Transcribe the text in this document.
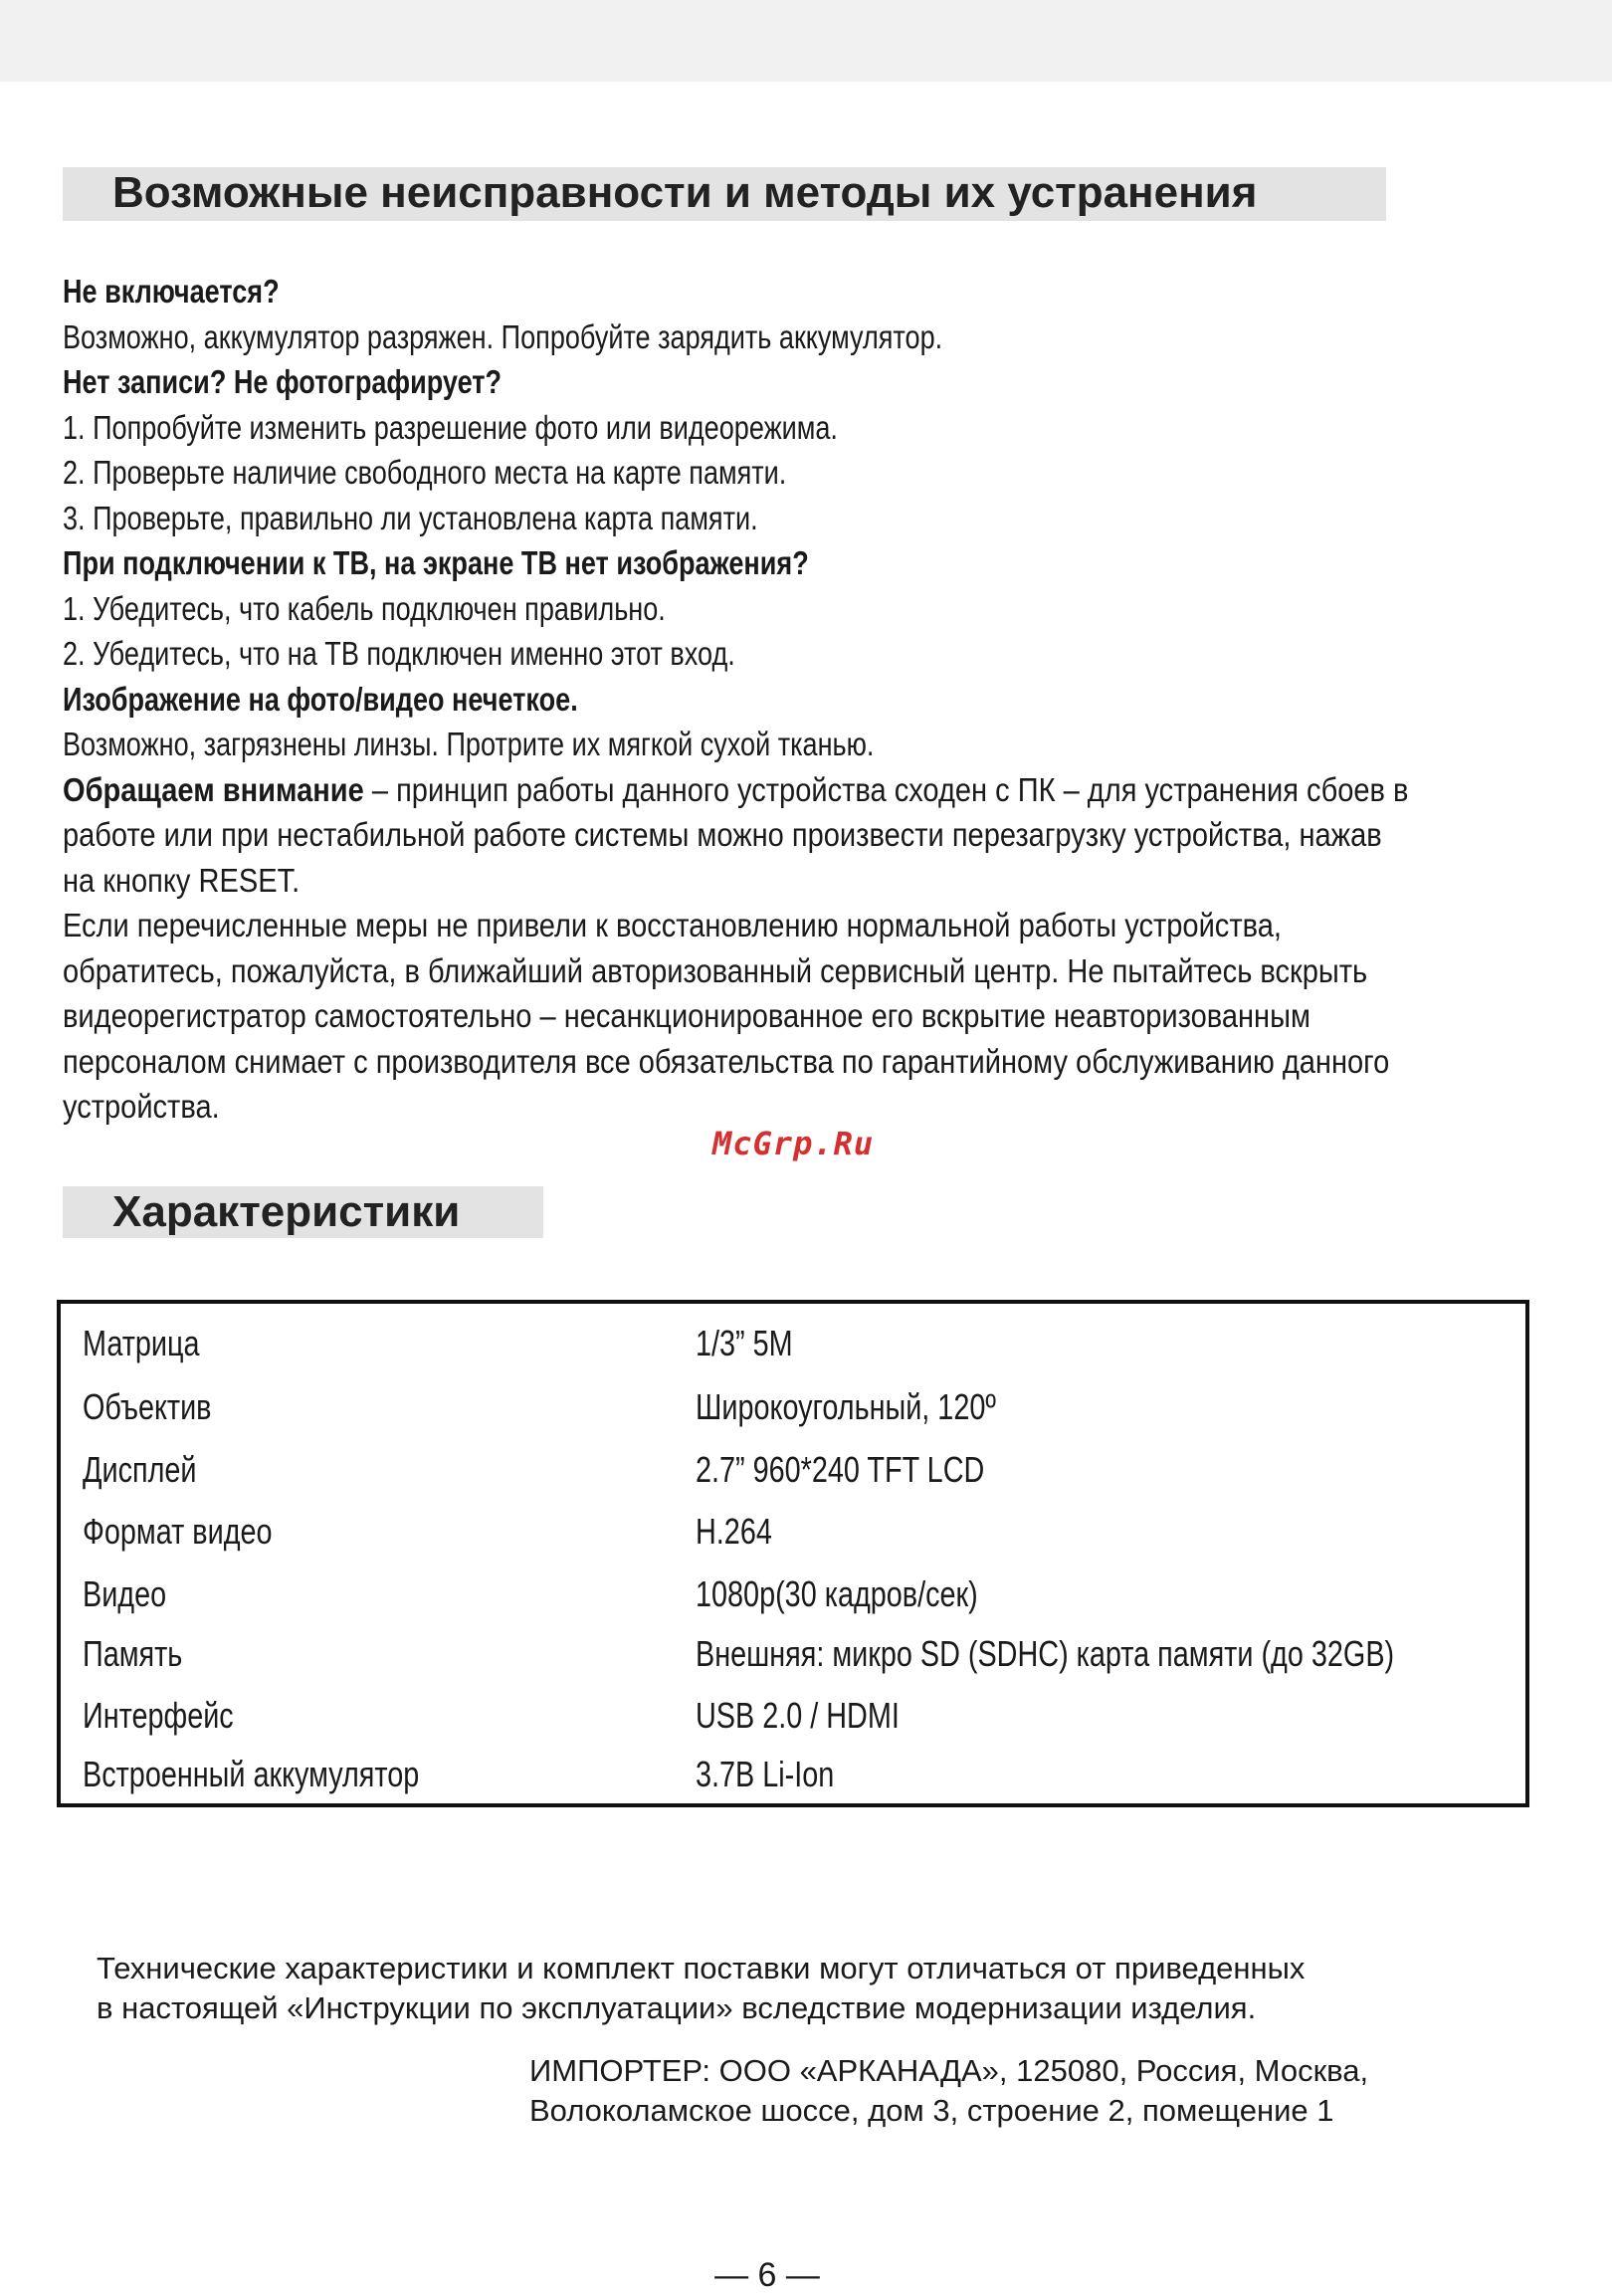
Возможные неисправности и методы их устранения
Не включается?
Возможно, аккумулятор разряжен. Попробуйте зарядить аккумулятор.
Нет записи? Не фотографирует?
1. Попробуйте изменить разрешение фото или видеорежима.
2. Проверьте наличие свободного места на карте памяти.
3. Проверьте, правильно ли установлена карта памяти.
При подключении к ТВ, на экране ТВ нет изображения?
1. Убедитесь, что кабель подключен правильно.
2. Убедитесь, что на ТВ подключен именно этот вход.
Изображение на фото/видео нечеткое.
Возможно, загрязнены линзы. Протрите их мягкой сухой тканью.
Обращаем внимание – принцип работы данного устройства сходен с ПК – для устранения сбоев в
работе или при нестабильной работе системы можно произвести перезагрузку устройства, нажав
на кнопку RESET.
Если перечисленные меры не привели к восстановлению нормальной работы устройства,
обратитесь, пожалуйста, в ближайший авторизованный сервисный центр. Не пытайтесь вскрыть
видеорегистратор самостоятельно – несанкционированное его вскрытие неавторизованным
персоналом снимает с производителя все обязательства по гарантийному обслуживанию данного
устройства.
McGrp.Ru
Характеристики
Матрица	1/3” 5M
Объектив	Широкоугольный, 120º
Дисплей	2.7” 960*240 TFT LCD
Формат видео	H.264
Видео	1080p(30 кадров/сек)
Память	Внешняя: микро SD (SDHC) карта памяти (до 32GB)
Интерфейс	USB 2.0 / HDMI
Встроенный аккумулятор	3.7В Li-Ion
Технические характеристики и комплект поставки могут отличаться от приведенных
в настоящей «Инструкции по эксплуатации» вследствие модернизации изделия.
ИМПОРТЕР: ООО «АРКАНАДА», 125080, Россия, Москва,
Волоколамское шоссе, дом 3, строение 2, помещение 1
— 6 —
